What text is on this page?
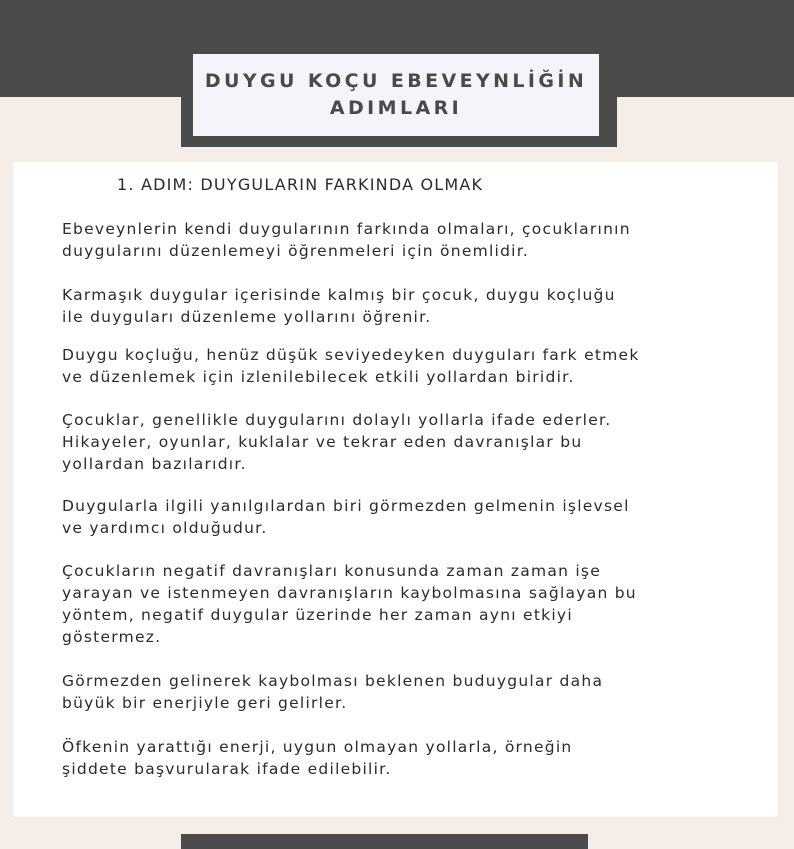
DUYGU KOÇU EBEVEYNLİĞİN
ADIMLARI
1. ADIM: DUYGULARIN FARKINDA OLMAK
Ebeveynlerin kendi duygularının farkında olmaları, çocuklarının
duygularını düzenlemeyi öğrenmeleri için önemlidir.
Karmaşık duygular içerisinde kalmış bir çocuk, duygu koçluğu
ile duyguları düzenleme yollarını öğrenir.
Duygu koçluğu, henüz düşük seviyedeyken duyguları fark etmek
ve düzenlemek için izlenilebilecek etkili yollardan biridir.
Çocuklar, genellikle duygularını dolaylı yollarla ifade ederler.
Hikayeler, oyunlar, kuklalar ve tekrar eden davranışlar bu
yollardan bazılarıdır.
Duygularla ilgili yanılgılardan biri görmezden gelmenin işlevsel
ve yardımcı olduğudur.
Çocukların negatif davranışları konusunda zaman zaman işe
yarayan ve istenmeyen davranışların kaybolmasına sağlayan bu
yöntem, negatif duygular üzerinde her zaman aynı etkiyi
göstermez.
Görmezden gelinerek kaybolması beklenen buduygular daha
büyük bir enerjiyle geri gelirler.
Öfkenin yarattığı enerji, uygun olmayan yollarla, örneğin
şiddete başvurularak ifade edilebilir.
